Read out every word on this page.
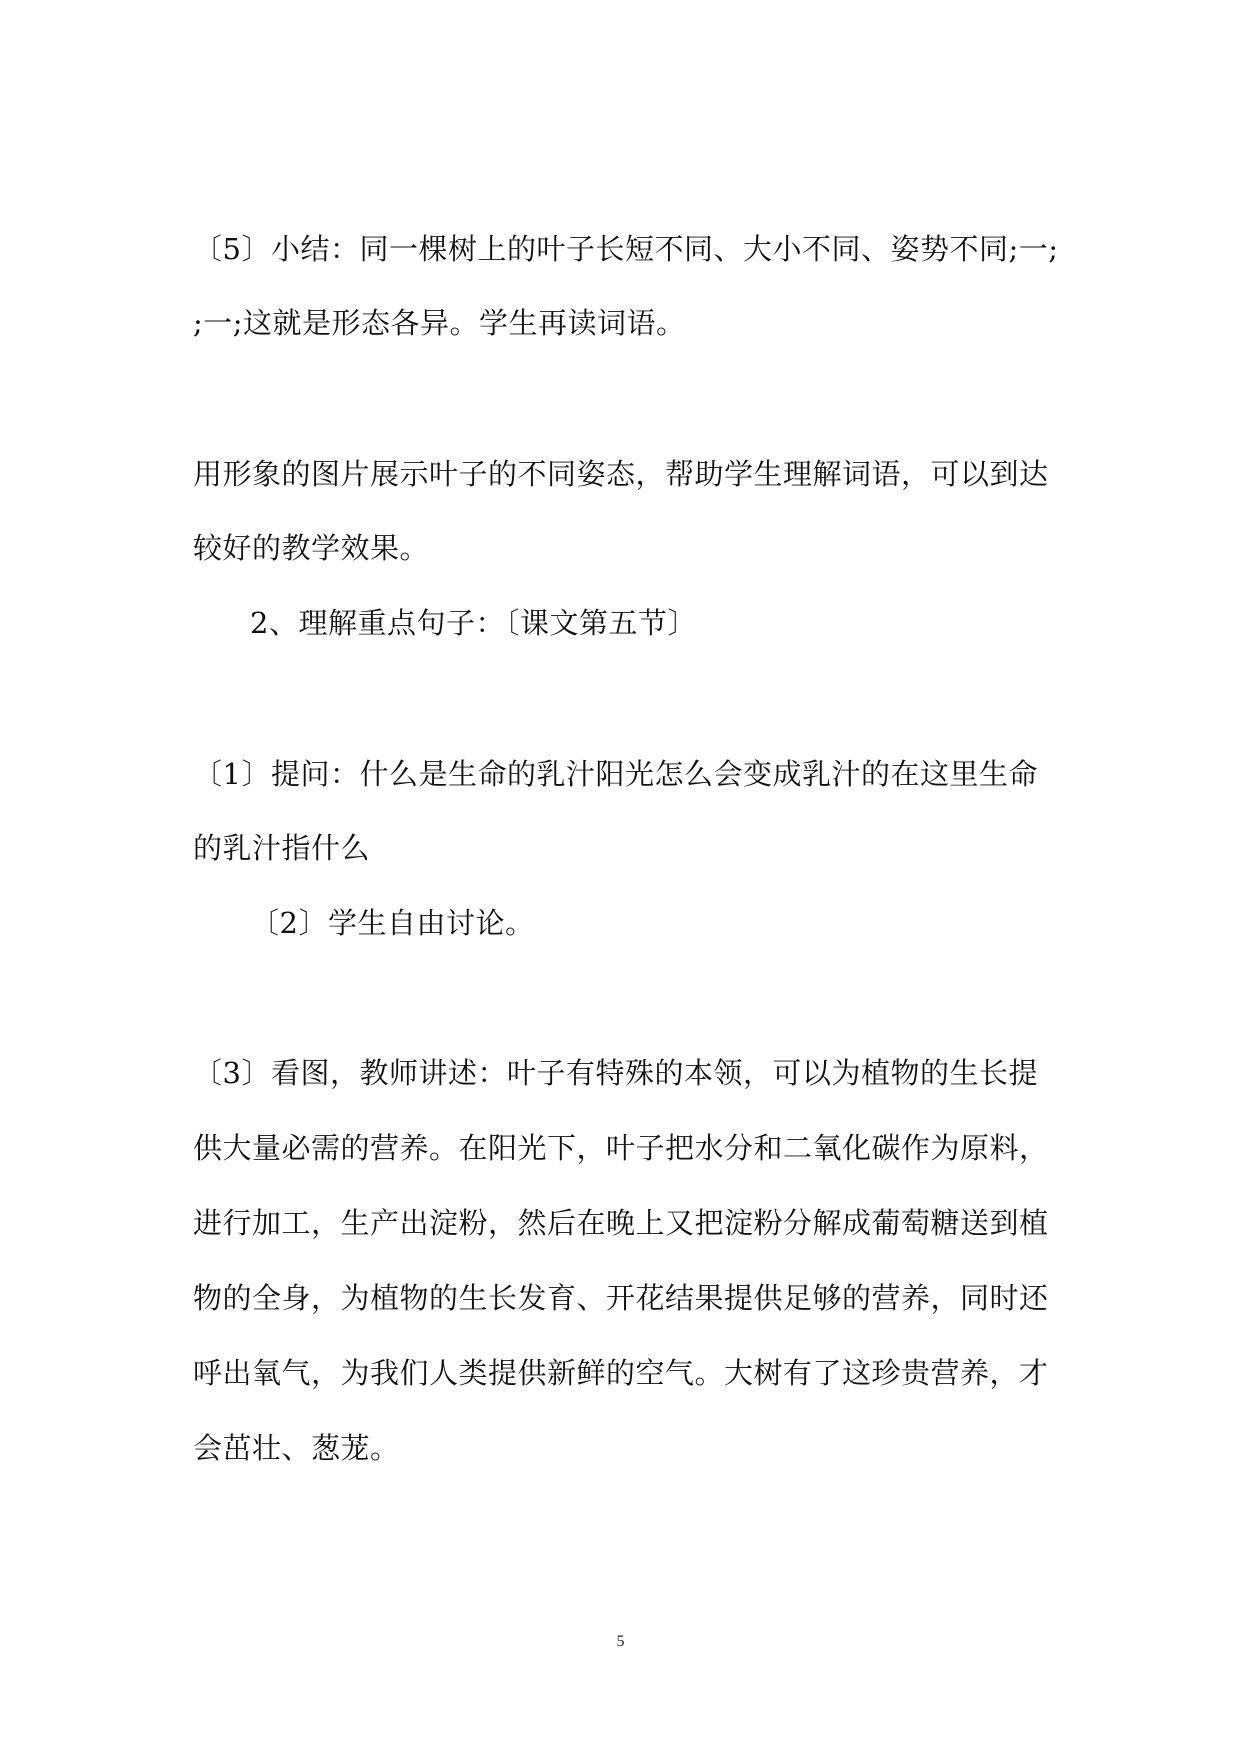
〔5〕小结：同一棵树上的叶子长短不同、大小不同、姿势不同;一;
;一;这就是形态各异。学生再读词语。
用形象的图片展示叶子的不同姿态，帮助学生理解词语，可以到达
较好的教学效果。
2、理解重点句子：〔课文第五节〕
〔1〕提问：什么是生命的乳汁阳光怎么会变成乳汁的在这里生命
的乳汁指什么
〔2〕学生自由讨论。
〔3〕看图，教师讲述：叶子有特殊的本领，可以为植物的生长提
供大量必需的营养。在阳光下，叶子把水分和二氧化碳作为原料，
进行加工，生产出淀粉，然后在晚上又把淀粉分解成葡萄糖送到植
物的全身，为植物的生长发育、开花结果提供足够的营养，同时还
呼出氧气，为我们人类提供新鲜的空气。大树有了这珍贵营养，才
会茁壮、葱茏。
5
